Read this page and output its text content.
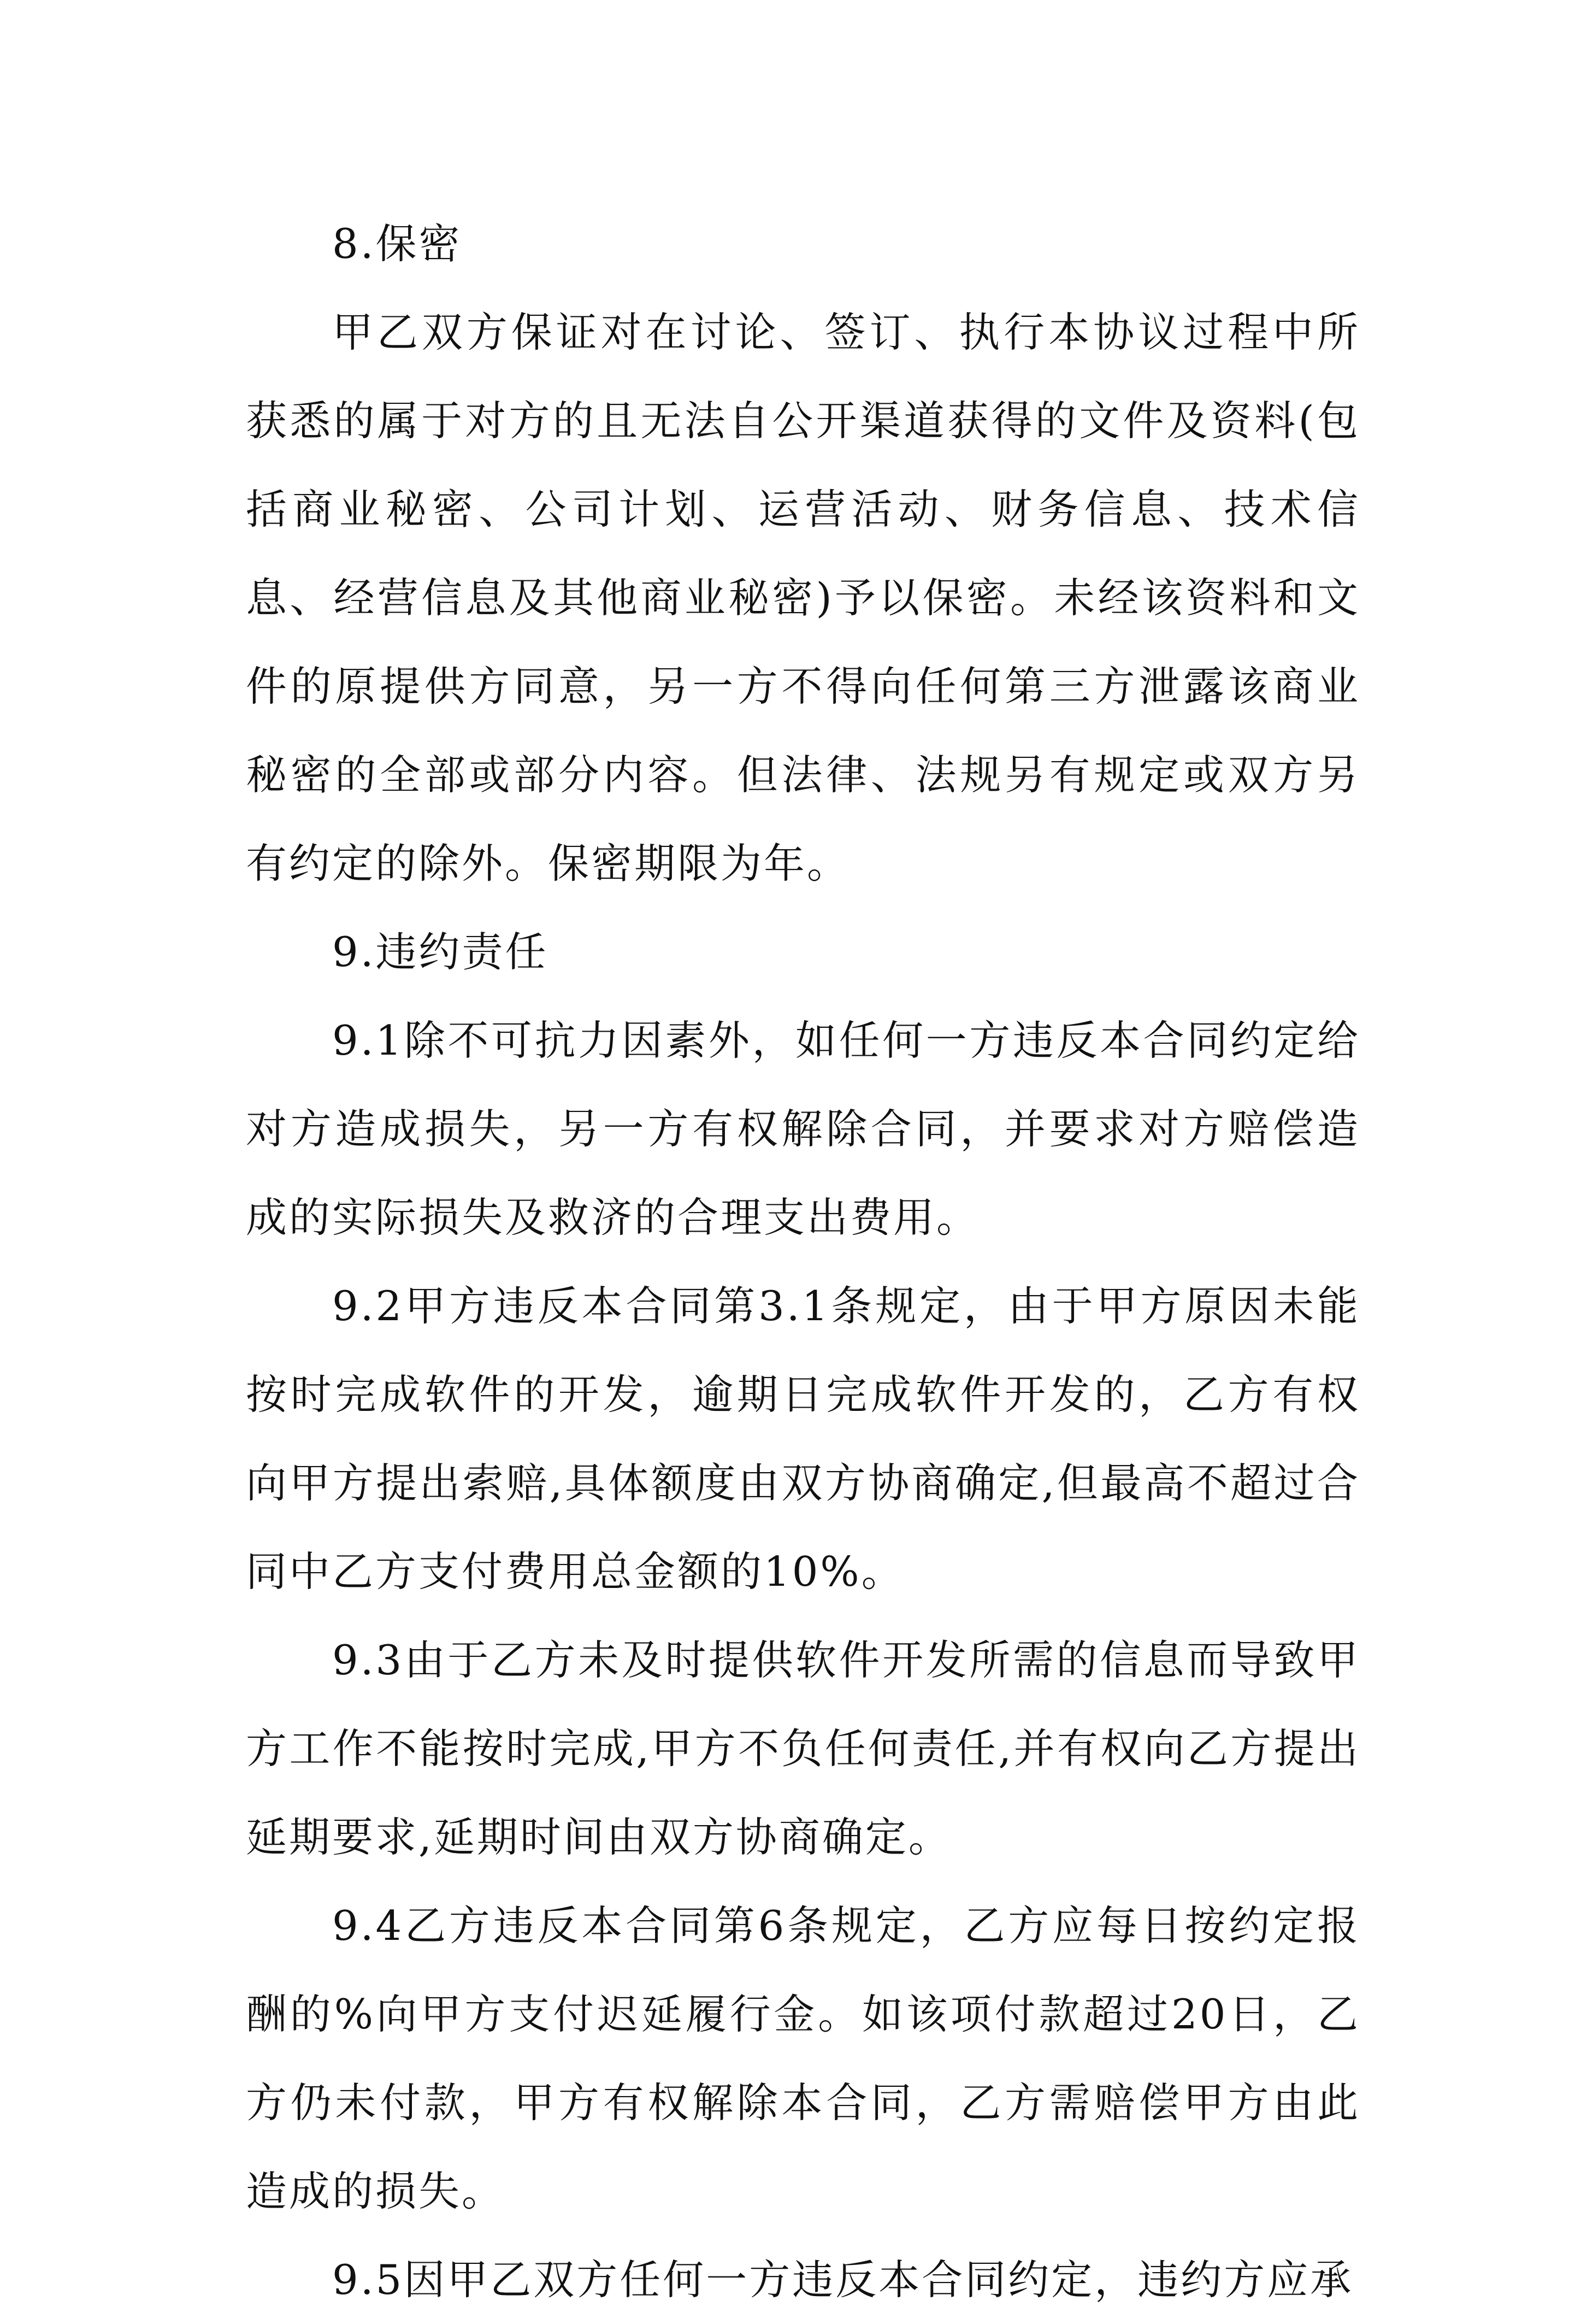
8.保密

甲乙双方保证对在讨论、签订、执行本协议过程中所获悉的属于对方的且无法自公开渠道获得的文件及资料(包括商业秘密、公司计划、运营活动、财务信息、技术信息、经营信息及其他商业秘密)予以保密。未经该资料和文件的原提供方同意，另一方不得向任何第三方泄露该商业秘密的全部或部分内容。但法律、法规另有规定或双方另有约定的除外。保密期限为年。

9.违约责任

9.1除不可抗力因素外，如任何一方违反本合同约定给对方造成损失，另一方有权解除合同，并要求对方赔偿造成的实际损失及救济的合理支出费用。

9.2甲方违反本合同第3.1条规定，由于甲方原因未能按时完成软件的开发，逾期日完成软件开发的，乙方有权向甲方提出索赔,具体额度由双方协商确定,但最高不超过合同中乙方支付费用总金额的10%。

9.3由于乙方未及时提供软件开发所需的信息而导致甲方工作不能按时完成,甲方不负任何责任,并有权向乙方提出延期要求,延期时间由双方协商确定。

9.4乙方违反本合同第6条规定，乙方应每日按约定报酬的%向甲方支付迟延履行金。如该项付款超过20日，乙方仍未付款，甲方有权解除本合同，乙方需赔偿甲方由此造成的损失。

9.5因甲乙双方任何一方违反本合同约定，违约方应承
